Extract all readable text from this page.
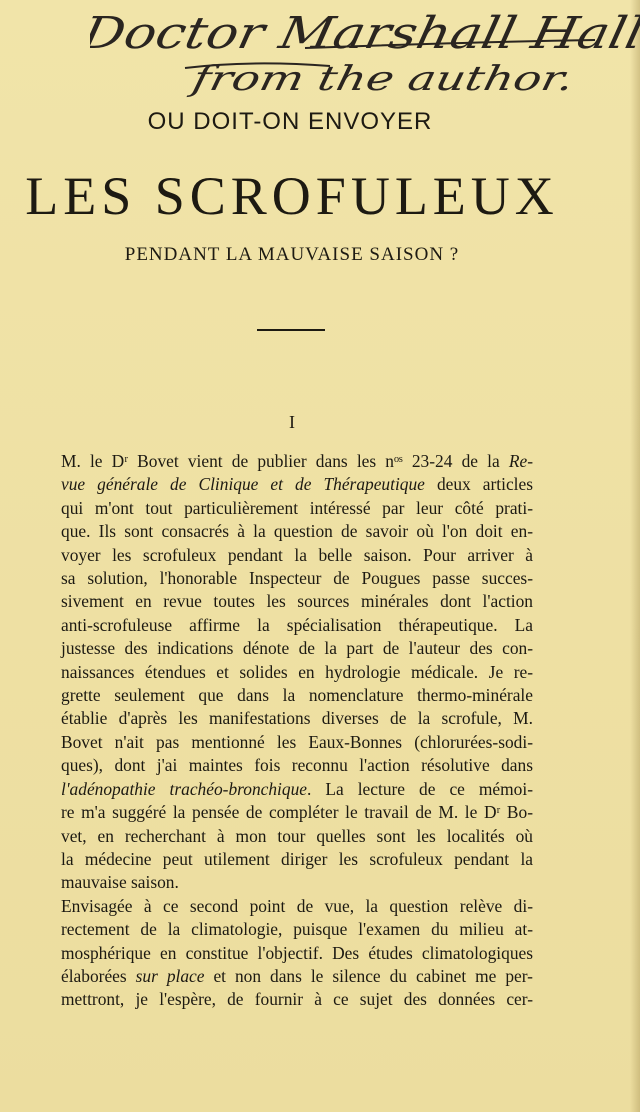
Doctor Marshall Hall
from the author.
OU DOIT-ON ENVOYER
LES SCROFULEUX
PENDANT LA MAUVAISE SAISON ?
I
M. le Dʳ Bovet vient de publier dans les nᵒˢ 23-24 de la Re-
vue générale de Clinique et de Thérapeutique deux articles
qui m'ont tout particulièrement intéressé par leur côté prati-
que. Ils sont consacrés à la question de savoir où l'on doit en-
voyer les scrofuleux pendant la belle saison. Pour arriver à
sa solution, l'honorable Inspecteur de Pougues passe succes-
sivement en revue toutes les sources minérales dont l'action
anti-scrofuleuse affirme la spécialisation thérapeutique. La
justesse des indications dénote de la part de l'auteur des con-
naissances étendues et solides en hydrologie médicale. Je re-
grette seulement que dans la nomenclature thermo-minérale
établie d'après les manifestations diverses de la scrofule, M.
Bovet n'ait pas mentionné les Eaux-Bonnes (chlorurées-sodi-
ques), dont j'ai maintes fois reconnu l'action résolutive dans
l'adénopathie trachéo-bronchique. La lecture de ce mémoi-
re m'a suggéré la pensée de compléter le travail de M. le Dʳ Bo-
vet, en recherchant à mon tour quelles sont les localités où
la médecine peut utilement diriger les scrofuleux pendant la
mauvaise saison.
Envisagée à ce second point de vue, la question relève di-
rectement de la climatologie, puisque l'examen du milieu at-
mosphérique en constitue l'objectif. Des études climatologiques
élaborées sur place et non dans le silence du cabinet me per-
mettront, je l'espère, de fournir à ce sujet des données cer-
